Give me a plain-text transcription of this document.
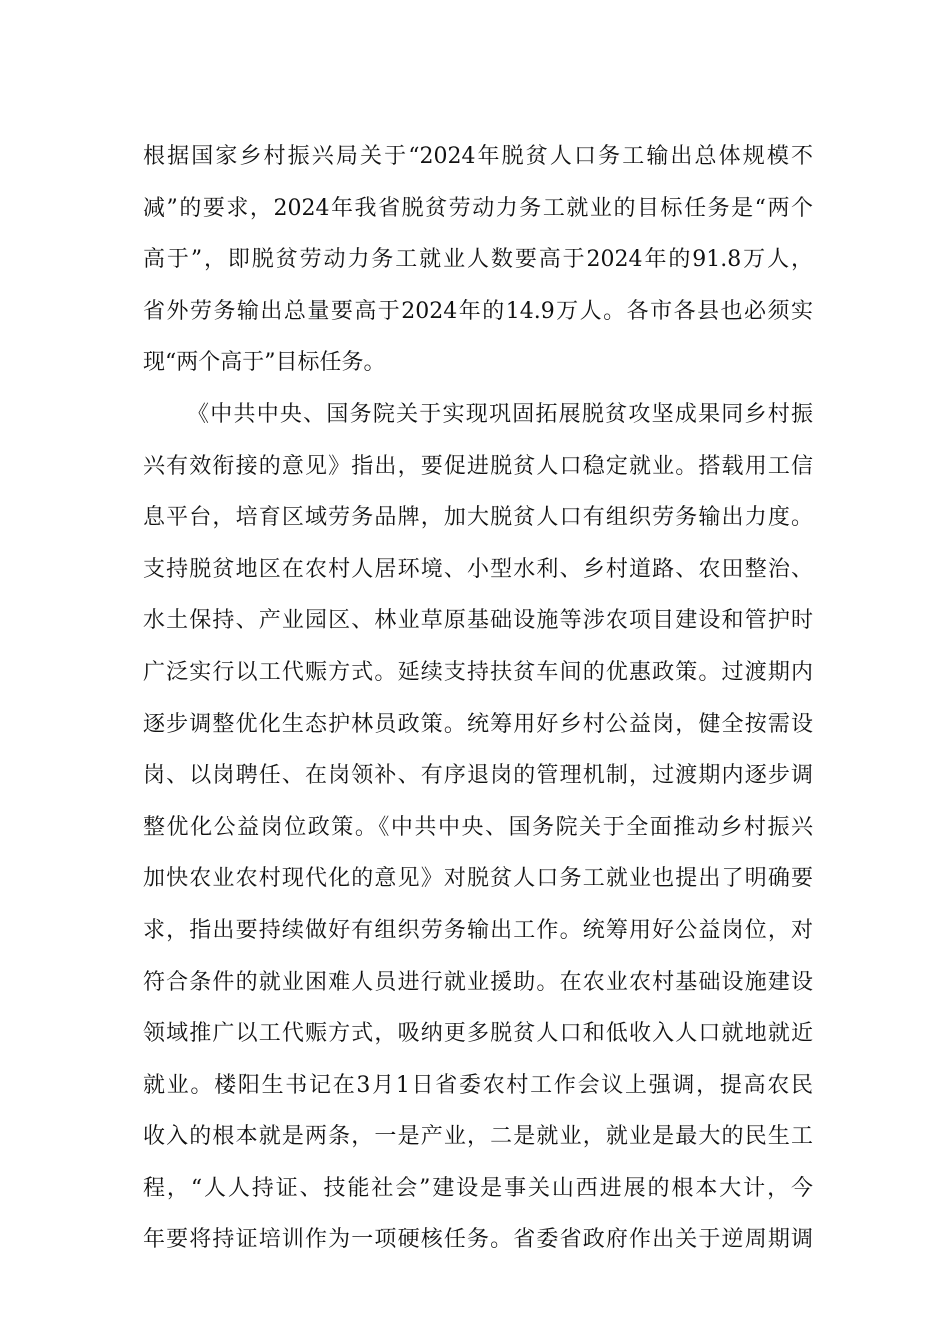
根据国家乡村振兴局关于“2024年脱贫人口务工输出总体规模不
减”的要求，2024年我省脱贫劳动力务工就业的目标任务是“两个
高于”，即脱贫劳动力务工就业人数要高于2024年的91.8万人，
省外劳务输出总量要高于2024年的14.9万人。各市各县也必须实
现“两个高于”目标任务。
《中共中央、国务院关于实现巩固拓展脱贫攻坚成果同乡村振
兴有效衔接的意见》指出，要促进脱贫人口稳定就业。搭载用工信
息平台，培育区域劳务品牌，加大脱贫人口有组织劳务输出力度。
支持脱贫地区在农村人居环境、小型水利、乡村道路、农田整治、
水土保持、产业园区、林业草原基础设施等涉农项目建设和管护时
广泛实行以工代赈方式。延续支持扶贫车间的优惠政策。过渡期内
逐步调整优化生态护林员政策。统筹用好乡村公益岗，健全按需设
岗、以岗聘任、在岗领补、有序退岗的管理机制，过渡期内逐步调
整优化公益岗位政策。《中共中央、国务院关于全面推动乡村振兴
加快农业农村现代化的意见》对脱贫人口务工就业也提出了明确要
求，指出要持续做好有组织劳务输出工作。统筹用好公益岗位，对
符合条件的就业困难人员进行就业援助。在农业农村基础设施建设
领域推广以工代赈方式，吸纳更多脱贫人口和低收入人口就地就近
就业。楼阳生书记在3月1日省委农村工作会议上强调，提高农民
收入的根本就是两条，一是产业，二是就业，就业是最大的民生工
程，“人人持证、技能社会”建设是事关山西进展的根本大计，今
年要将持证培训作为一项硬核任务。省委省政府作出关于逆周期调
